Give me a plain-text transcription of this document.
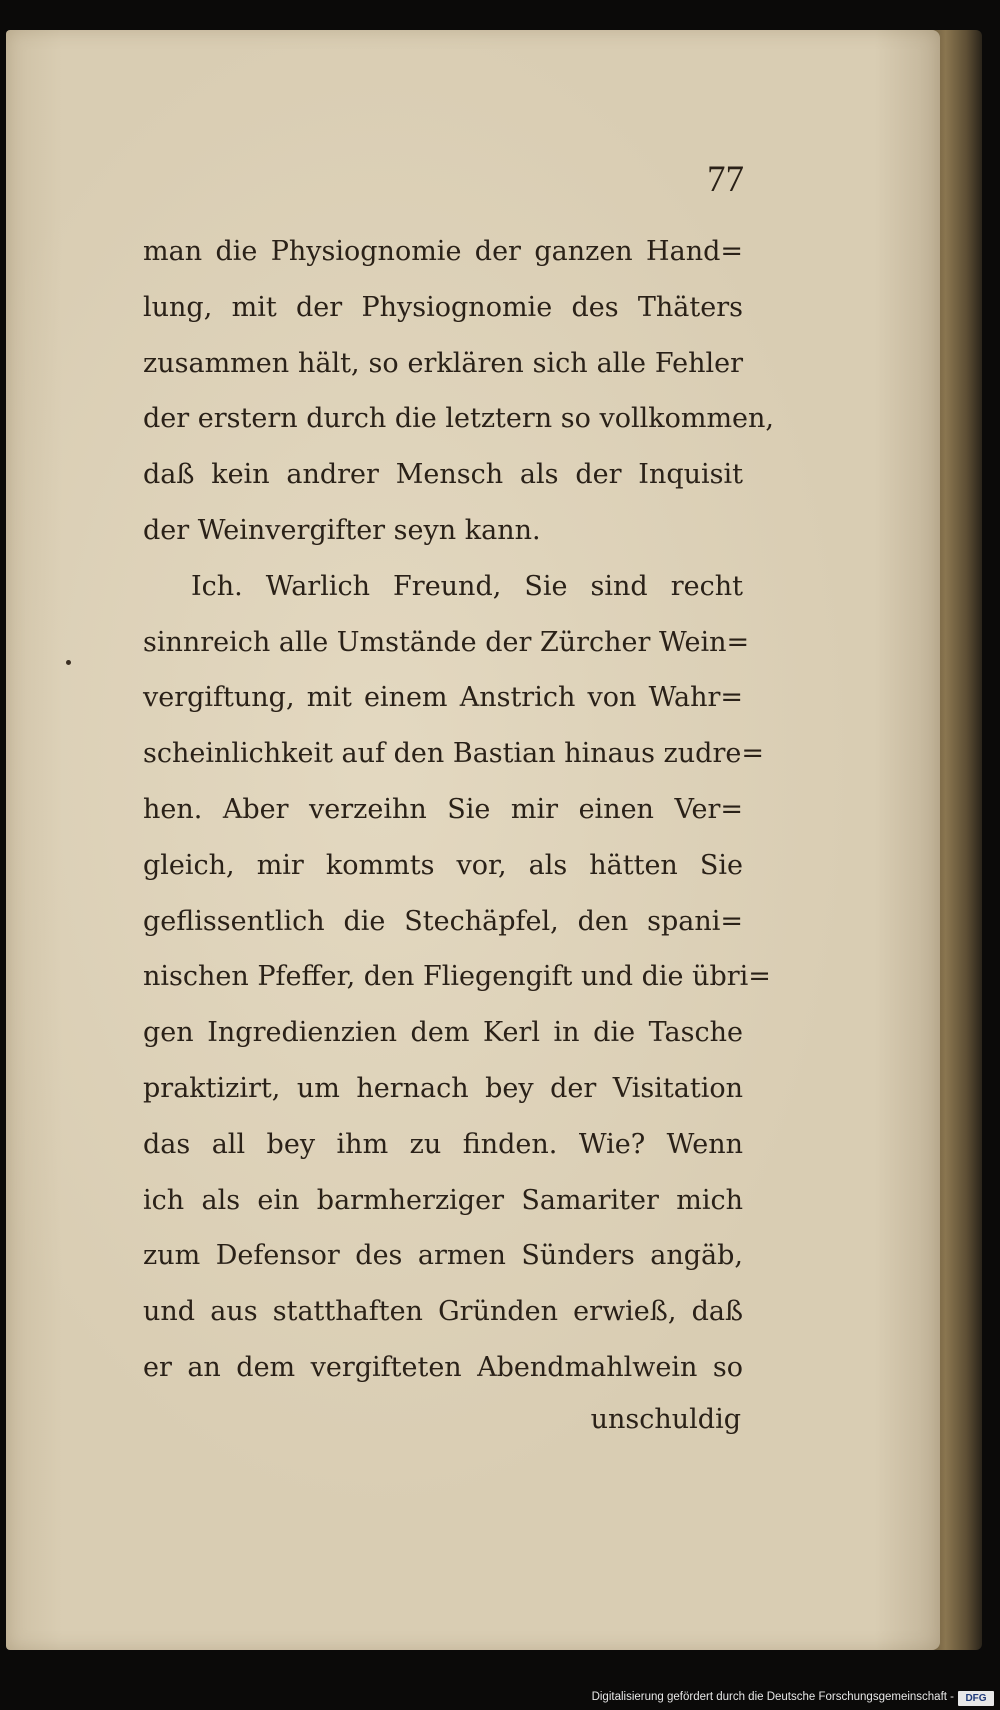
77
man die Physiognomie der ganzen Hand=
lung, mit der Physiognomie des Thäters
zusammen hält, so erklären sich alle Fehler
der erstern durch die letztern so vollkommen,
daß kein andrer Mensch als der Inquisit
der Weinvergifter seyn kann.
Ich. Warlich Freund, Sie sind recht
sinnreich alle Umstände der Zürcher Wein=
vergiftung, mit einem Anstrich von Wahr=
scheinlichkeit auf den Bastian hinaus zudre=
hen. Aber verzeihn Sie mir einen Ver=
gleich, mir kommts vor, als hätten Sie
geflissentlich die Stechäpfel, den spani=
nischen Pfeffer, den Fliegengift und die übri=
gen Ingredienzien dem Kerl in die Tasche
praktizirt, um hernach bey der Visitation
das all bey ihm zu finden. Wie? Wenn
ich als ein barmherziger Samariter mich
zum Defensor des armen Sünders angäb,
und aus statthaften Gründen erwieß, daß
er an dem vergifteten Abendmahlwein so
unschuldig
Digitalisierung gefördert durch die Deutsche Forschungsgemeinschaft -	DFG
